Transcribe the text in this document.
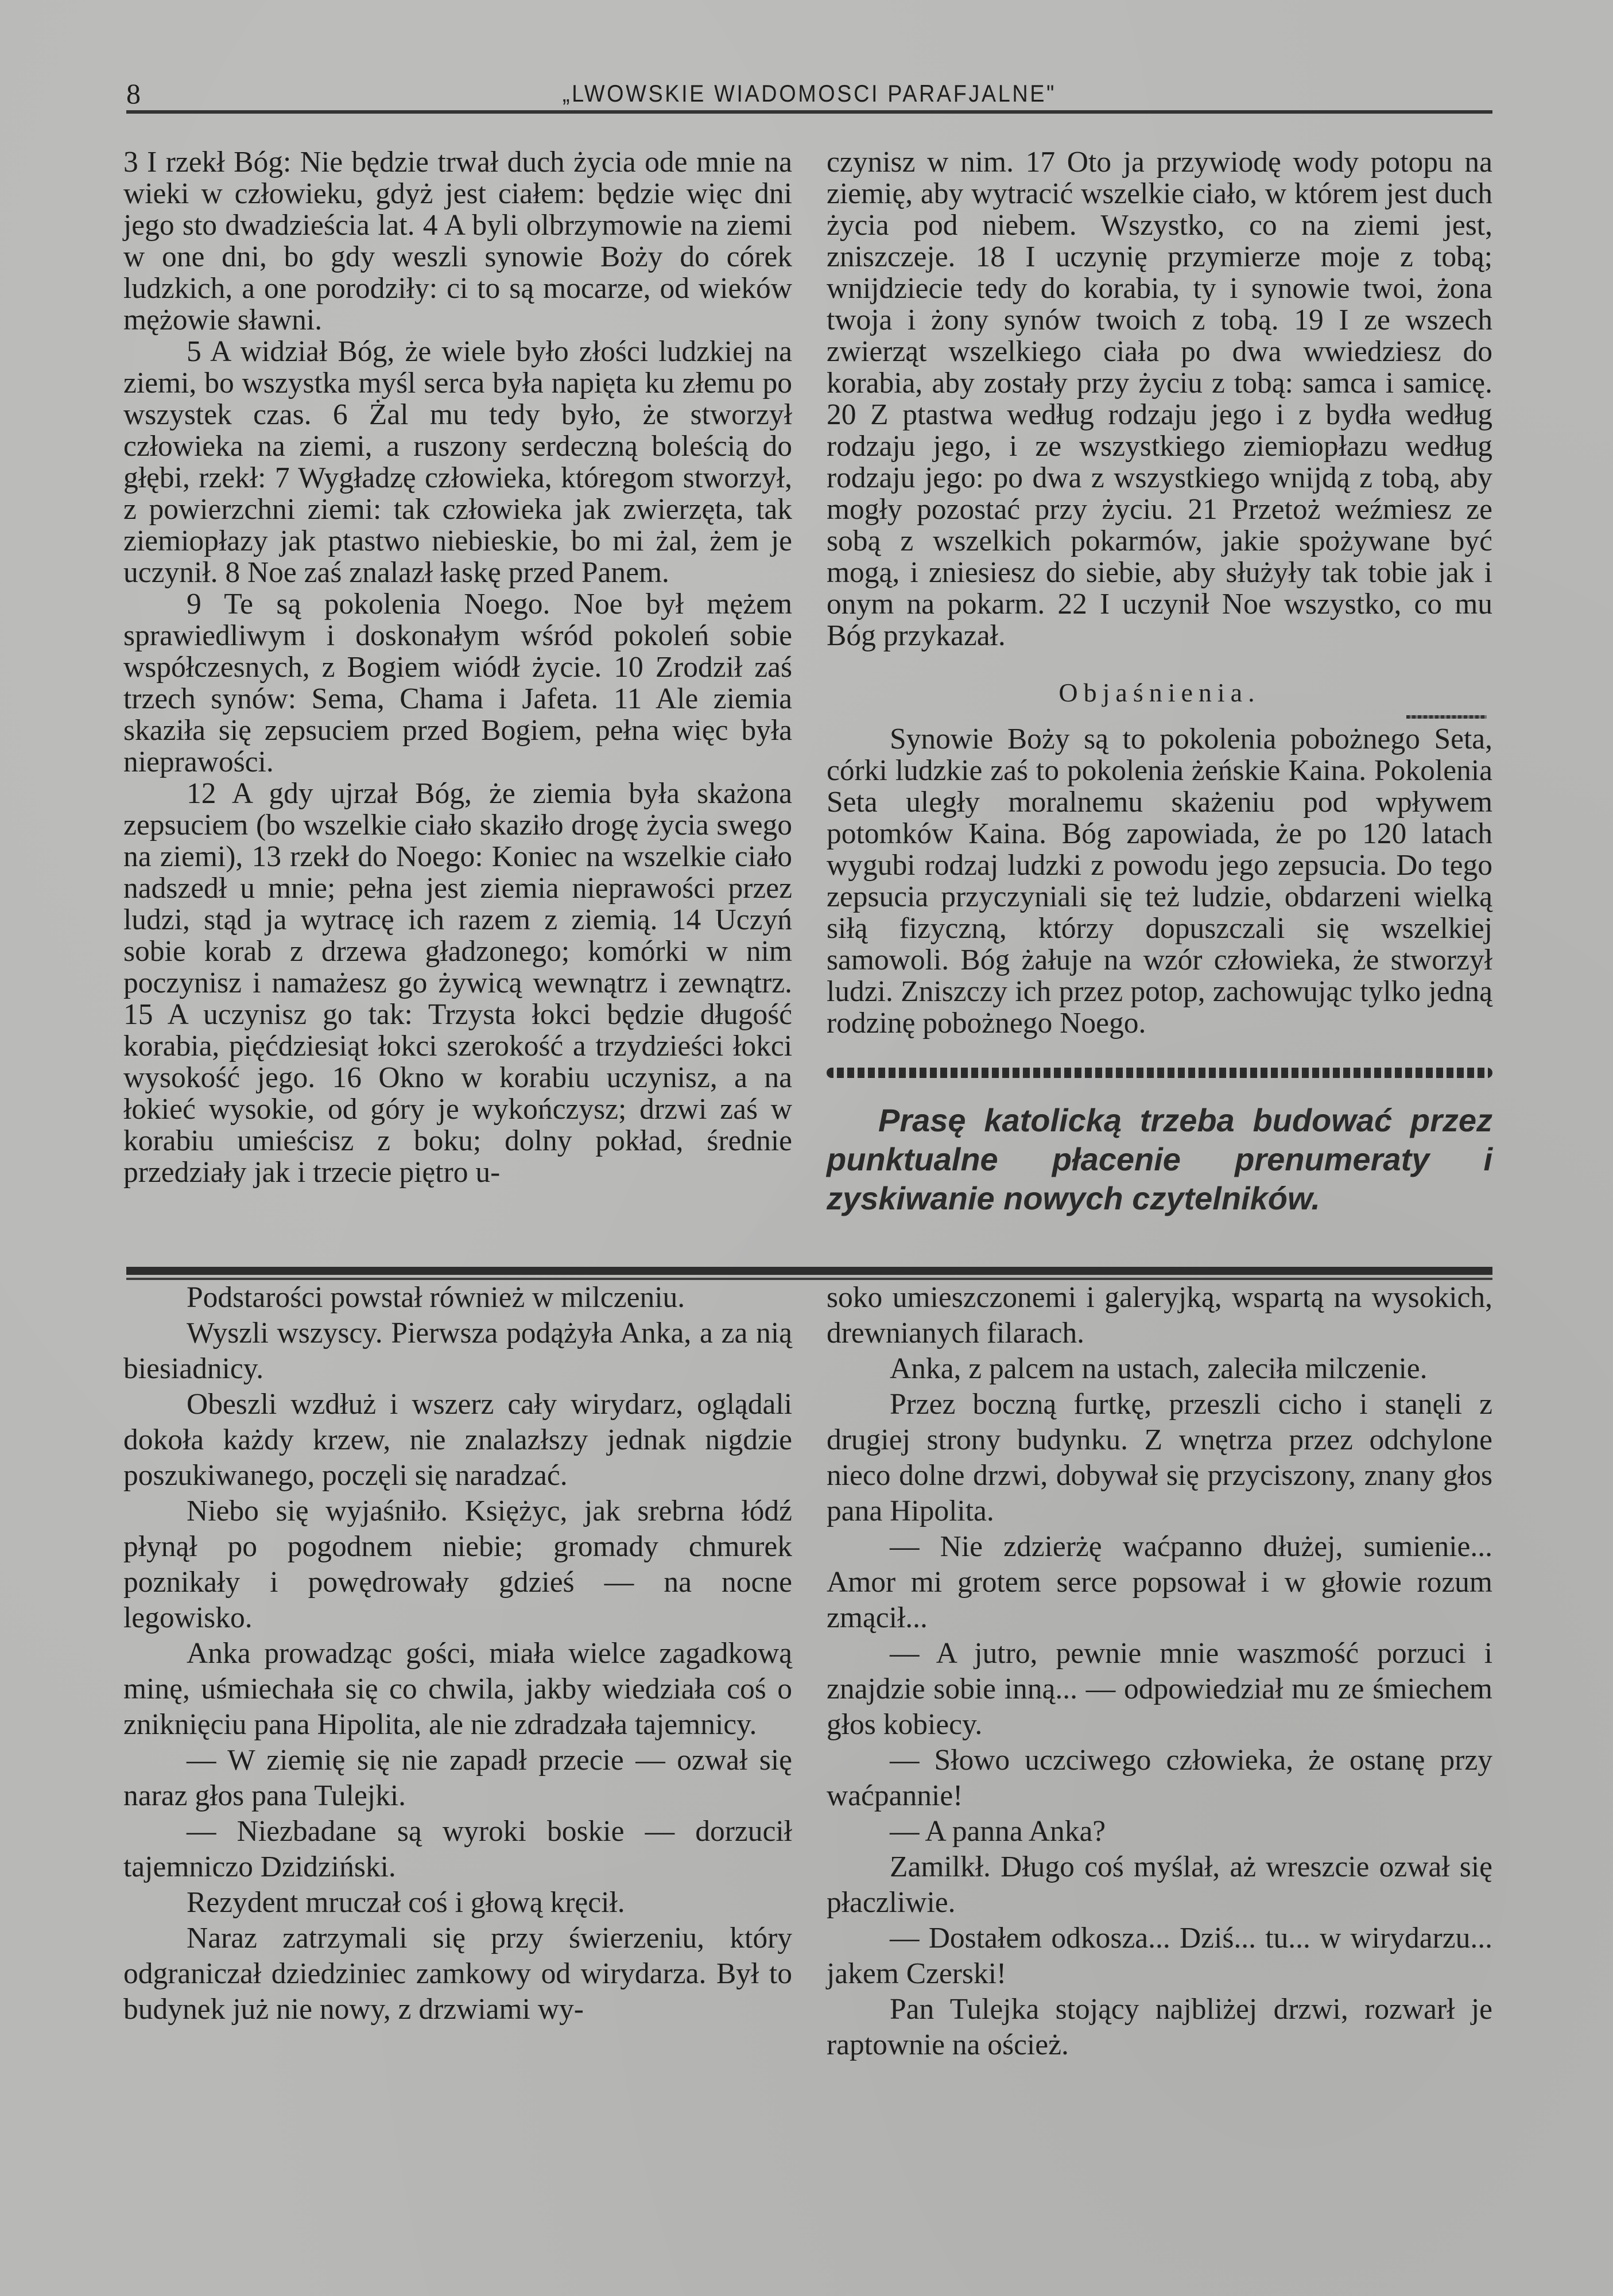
8	„LWOWSKIE WIADOMOSCI PARAFJALNE"

3 I rzekł Bóg: Nie będzie trwał duch życia ode mnie na wieki w człowieku, gdyż jest ciałem: będzie więc dni jego sto dwadzieścia lat. 4 A byli olbrzymowie na ziemi w one dni, bo gdy weszli synowie Boży do córek ludzkich, a one porodziły: ci to są mocarze, od wieków mężowie sławni.

5 A widział Bóg, że wiele było złości ludzkiej na ziemi, bo wszystka myśl serca była napięta ku złemu po wszystek czas. 6 Żal mu tedy było, że stworzył człowieka na ziemi, a ruszony serdeczną boleścią do głębi, rzekł: 7 Wygładzę człowieka, któregom stworzył, z powierzchni ziemi: tak człowieka jak zwierzęta, tak ziemiopłazy jak ptastwo niebieskie, bo mi żal, żem je uczynił. 8 Noe zaś znalazł łaskę przed Panem.

9 Te są pokolenia Noego. Noe był mężem sprawiedliwym i doskonałym wśród pokoleń sobie współczesnych, z Bogiem wiódł życie. 10 Zrodził zaś trzech synów: Sema, Chama i Jafeta. 11 Ale ziemia skaziła się zepsuciem przed Bogiem, pełna więc była nieprawości.

12 A gdy ujrzał Bóg, że ziemia była skażona zepsuciem (bo wszelkie ciało skaziło drogę życia swego na ziemi), 13 rzekł do Noego: Koniec na wszelkie ciało nadszedł u mnie; pełna jest ziemia nieprawości przez ludzi, stąd ja wytracę ich razem z ziemią. 14 Uczyń sobie korab z drzewa gładzonego; komórki w nim poczynisz i namażesz go żywicą wewnątrz i zewnątrz. 15 A uczynisz go tak: Trzysta łokci będzie długość korabia, pięćdziesiąt łokci szerokość a trzydzieści łokci wysokość jego. 16 Okno w korabiu uczynisz, a na łokieć wysokie, od góry je wykończysz; drzwi zaś w korabiu umieścisz z boku; dolny pokład, średnie przedziały jak i trzecie piętro u-

czynisz w nim. 17 Oto ja przywiodę wody potopu na ziemię, aby wytracić wszelkie ciało, w którem jest duch życia pod niebem. Wszystko, co na ziemi jest, zniszczeje. 18 I uczynię przymierze moje z tobą; wnijdziecie tedy do korabia, ty i synowie twoi, żona twoja i żony synów twoich z tobą. 19 I ze wszech zwierząt wszelkiego ciała po dwa wwiedziesz do korabia, aby zostały przy życiu z tobą: samca i samicę. 20 Z ptastwa według rodzaju jego i z bydła według rodzaju jego, i ze wszystkiego ziemiopłazu według rodzaju jego: po dwa z wszystkiego wnijdą z tobą, aby mogły pozostać przy życiu. 21 Przetoż weźmiesz ze sobą z wszelkich pokarmów, jakie spożywane być mogą, i zniesiesz do siebie, aby służyły tak tobie jak i onym na pokarm. 22 I uczynił Noe wszystko, co mu Bóg przykazał.

Objaśnienia.

Synowie Boży są to pokolenia pobożnego Seta, córki ludzkie zaś to pokolenia żeńskie Kaina. Pokolenia Seta uległy moralnemu skażeniu pod wpływem potomków Kaina. Bóg zapowiada, że po 120 latach wygubi rodzaj ludzki z powodu jego zepsucia. Do tego zepsucia przyczyniali się też ludzie, obdarzeni wielką siłą fizyczną, którzy dopuszczali się wszelkiej samowoli. Bóg żałuje na wzór człowieka, że stworzył ludzi. Zniszczy ich przez potop, zachowując tylko jedną rodzinę pobożnego Noego.

Prasę katolicką trzeba budować przez punktualne płacenie prenumeraty i zyskiwanie nowych czytelników.

Podstarości powstał również w milczeniu.

Wyszli wszyscy. Pierwsza podążyła Anka, a za nią biesiadnicy.

Obeszli wzdłuż i wszerz cały wirydarz, oglądali dokoła każdy krzew, nie znalazłszy jednak nigdzie poszukiwanego, poczęli się naradzać.

Niebo się wyjaśniło. Księżyc, jak srebrna łódź płynął po pogodnem niebie; gromady chmurek poznikały i powędrowały gdzieś — na nocne legowisko.

Anka prowadząc gości, miała wielce zagadkową minę, uśmiechała się co chwila, jakby wiedziała coś o zniknięciu pana Hipolita, ale nie zdradzała tajemnicy.

— W ziemię się nie zapadł przecie — ozwał się naraz głos pana Tulejki.

— Niezbadane są wyroki boskie — dorzucił tajemniczo Dzidziński.

Rezydent mruczał coś i głową kręcił.

Naraz zatrzymali się przy świerzeniu, który odgraniczał dziedziniec zamkowy od wirydarza. Był to budynek już nie nowy, z drzwiami wy-

soko umieszczonemi i galeryjką, wspartą na wysokich, drewnianych filarach.

Anka, z palcem na ustach, zaleciła milczenie.

Przez boczną furtkę, przeszli cicho i stanęli z drugiej strony budynku. Z wnętrza przez odchylone nieco dolne drzwi, dobywał się przyciszony, znany głos pana Hipolita.

— Nie zdzierżę waćpanno dłużej, sumienie... Amor mi grotem serce popsował i w głowie rozum zmącił...

— A jutro, pewnie mnie waszmość porzuci i znajdzie sobie inną... — odpowiedział mu ze śmiechem głos kobiecy.

— Słowo uczciwego człowieka, że ostanę przy waćpannie!

— A panna Anka?

Zamilkł. Długo coś myślał, aż wreszcie ozwał się płaczliwie.

— Dostałem odkosza... Dziś... tu... w wirydarzu... jakem Czerski!

Pan Tulejka stojący najbliżej drzwi, rozwarł je raptownie na oścież.
